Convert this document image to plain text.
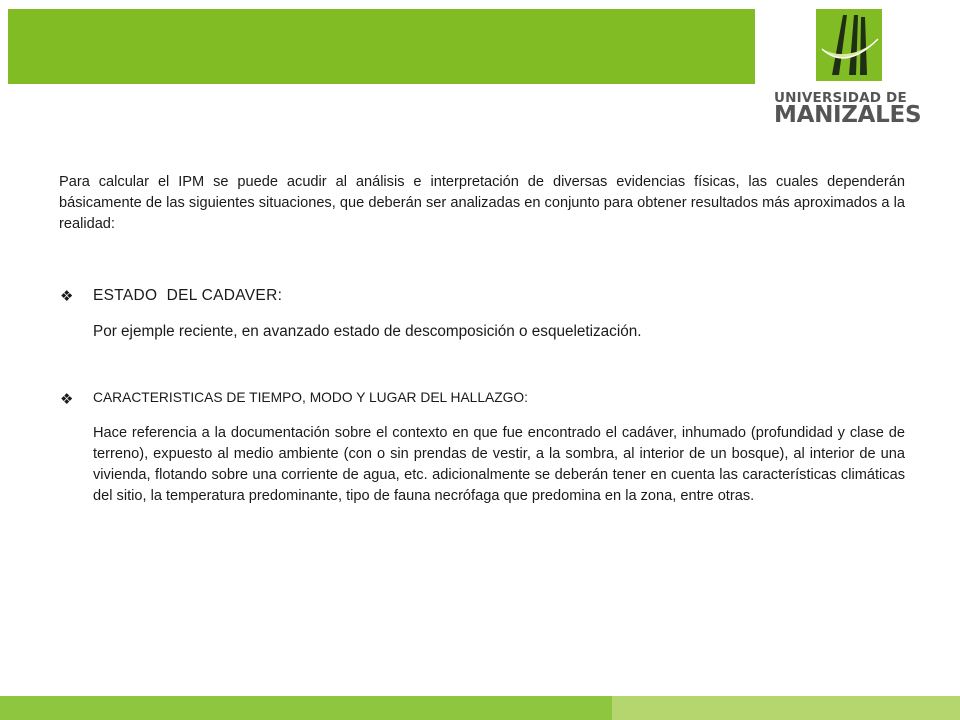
UNIVERSIDAD DE
MANIZALES

Para calcular el IPM se puede acudir al análisis e interpretación de diversas evidencias físicas, las cuales dependerán básicamente de las siguientes situaciones, que deberán ser analizadas en conjunto para obtener resultados más aproximados a la realidad:

❖ ESTADO  DEL CADAVER:

Por ejemple reciente, en avanzado estado de descomposición o esqueletización.

❖ CARACTERISTICAS DE TIEMPO, MODO Y LUGAR DEL HALLAZGO:

Hace referencia a la documentación sobre el contexto en que fue encontrado el cadáver, inhumado (profundidad y clase de terreno), expuesto al medio ambiente (con o sin prendas de vestir, a la sombra, al interior de un bosque), al interior de una vivienda, flotando sobre una corriente de agua, etc. adicionalmente se deberán tener en cuenta las características climáticas del sitio, la temperatura predominante, tipo de fauna necrófaga que predomina en la zona, entre otras.
